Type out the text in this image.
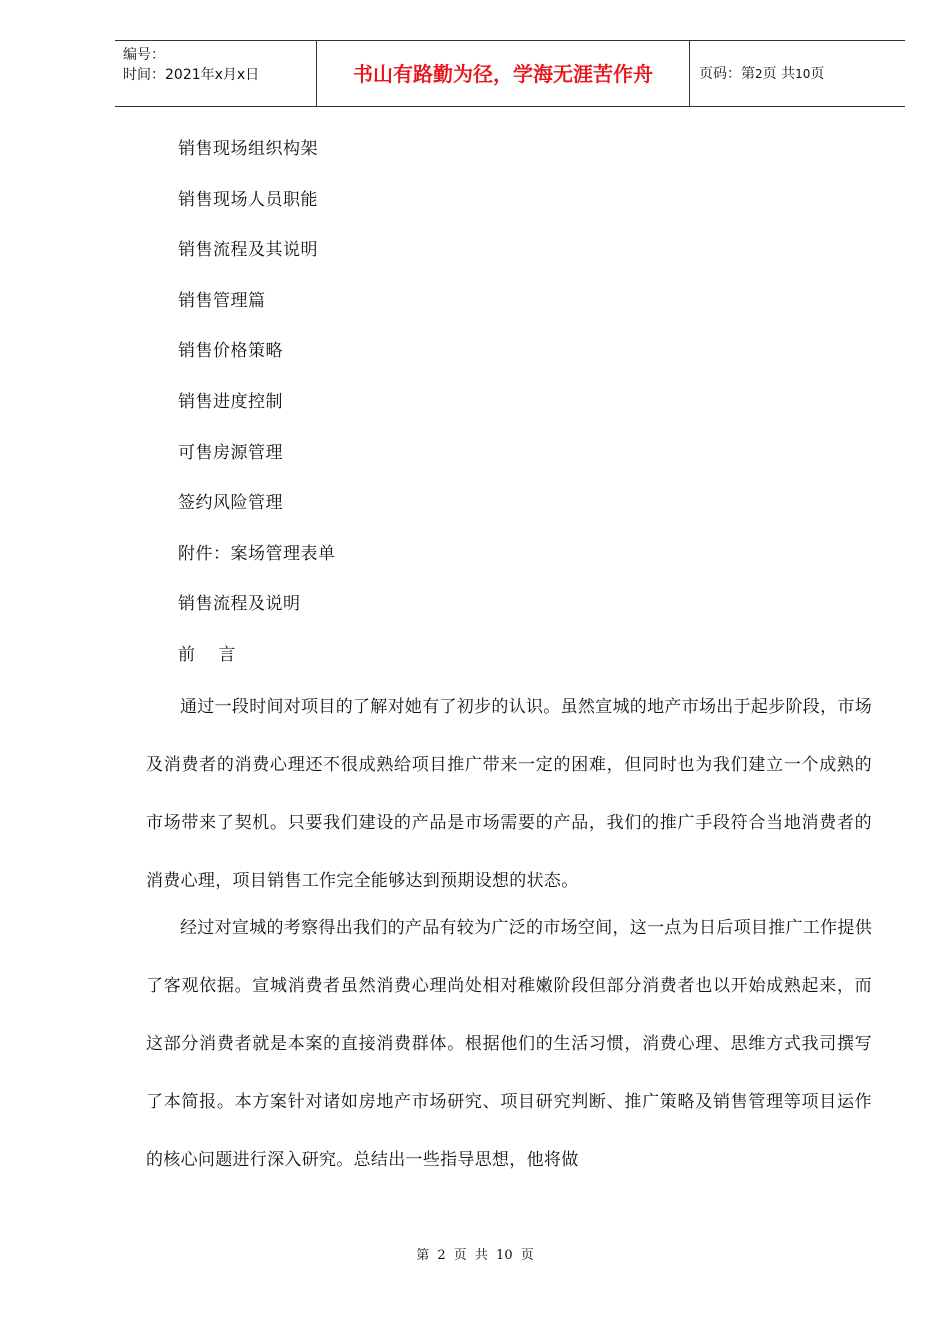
编号：
时间：2021年x月x日	书山有路勤为径，学海无涯苦作舟	页码：第2页 共10页
销售现场组织构架
销售现场人员职能
销售流程及其说明
销售管理篇
销售价格策略
销售进度控制
可售房源管理
签约风险管理
附件：案场管理表单
销售流程及说明
前 言

通过一段时间对项目的了解对她有了初步的认识。虽然宣城的地产市场出于起步阶段，市场及消费者的消费心理还不很成熟给项目推广带来一定的困难，但同时也为我们建立一个成熟的市场带来了契机。只要我们建设的产品是市场需要的产品，我们的推广手段符合当地消费者的消费心理，项目销售工作完全能够达到预期设想的状态。

经过对宣城的考察得出我们的产品有较为广泛的市场空间，这一点为日后项目推广工作提供了客观依据。宣城消费者虽然消费心理尚处相对稚嫩阶段但部分消费者也以开始成熟起来，而这部分消费者就是本案的直接消费群体。根据他们的生活习惯，消费心理、思维方式我司撰写了本简报。本方案针对诸如房地产市场研究、项目研究判断、推广策略及销售管理等项目运作的核心问题进行深入研究。总结出一些指导思想，他将做

第 2 页 共 10 页
